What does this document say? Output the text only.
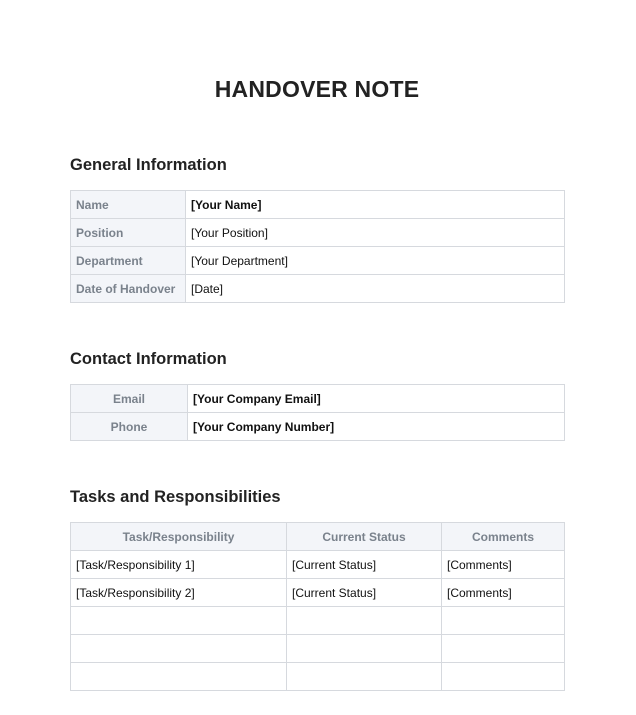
HANDOVER NOTE
General Information
Name	[Your Name]
Position	[Your Position]
Department	[Your Department]
Date of Handover	[Date]
Contact Information
Email	[Your Company Email]
Phone	[Your Company Number]
Tasks and Responsibilities
Task/Responsibility	Current Status	Comments
[Task/Responsibility 1]	[Current Status]	[Comments]
[Task/Responsibility 2]	[Current Status]	[Comments]
